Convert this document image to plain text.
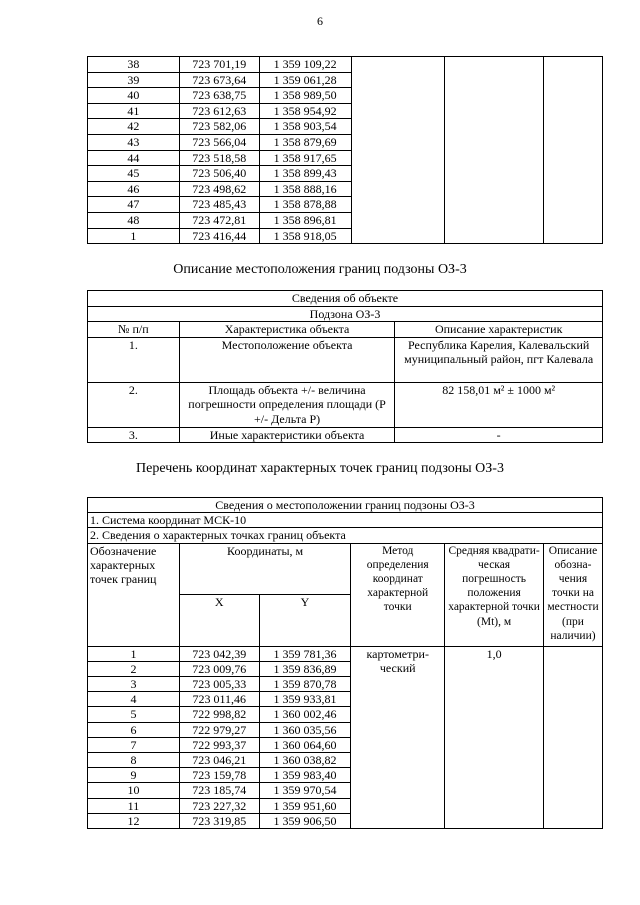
6
38	723 701,19	1 359 109,22			
39	723 673,64	1 359 061,28			
40	723 638,75	1 358 989,50			
41	723 612,63	1 358 954,92			
42	723 582,06	1 358 903,54			
43	723 566,04	1 358 879,69			
44	723 518,58	1 358 917,65			
45	723 506,40	1 358 899,43			
46	723 498,62	1 358 888,16			
47	723 485,43	1 358 878,88			
48	723 472,81	1 358 896,81			
1	723 416,44	1 358 918,05			
Описание местоположения границ подзоны ОЗ-3
Сведения об объекте		
Подзона ОЗ-3		
№ п/п	Характеристика объекта	Описание характеристик
1.	Местоположение объекта	Республика Карелия, Калевальский муниципальный район, пгт Калевала
2.	Площадь объекта +/- величина погрешности определения площади (Р +/- Дельта Р)	82 158,01 м² ± 1000 м²
3.	Иные характеристики объекта	-
Перечень координат характерных точек границ подзоны ОЗ-3
Сведения о местоположении границ подзоны ОЗ-3					
1. Система координат МСК-10					
2. Сведения о характерных точках границ объекта					
Обозначение характерных точек границ	Координаты, м		Метод определения координат характерной точки	Средняя квадрати-ческая погрешность положения характерной точки (Mt), м	Описание обозна-чения точки на местности (при наличии)
	X	Y			
1	723 042,39	1 359 781,36	картометри-ческий	1,0	
2	723 009,76	1 359 836,89			
3	723 005,33	1 359 870,78			
4	723 011,46	1 359 933,81			
5	722 998,82	1 360 002,46			
6	722 979,27	1 360 035,56			
7	722 993,37	1 360 064,60			
8	723 046,21	1 360 038,82			
9	723 159,78	1 359 983,40			
10	723 185,74	1 359 970,54			
11	723 227,32	1 359 951,60			
12	723 319,85	1 359 906,50			
